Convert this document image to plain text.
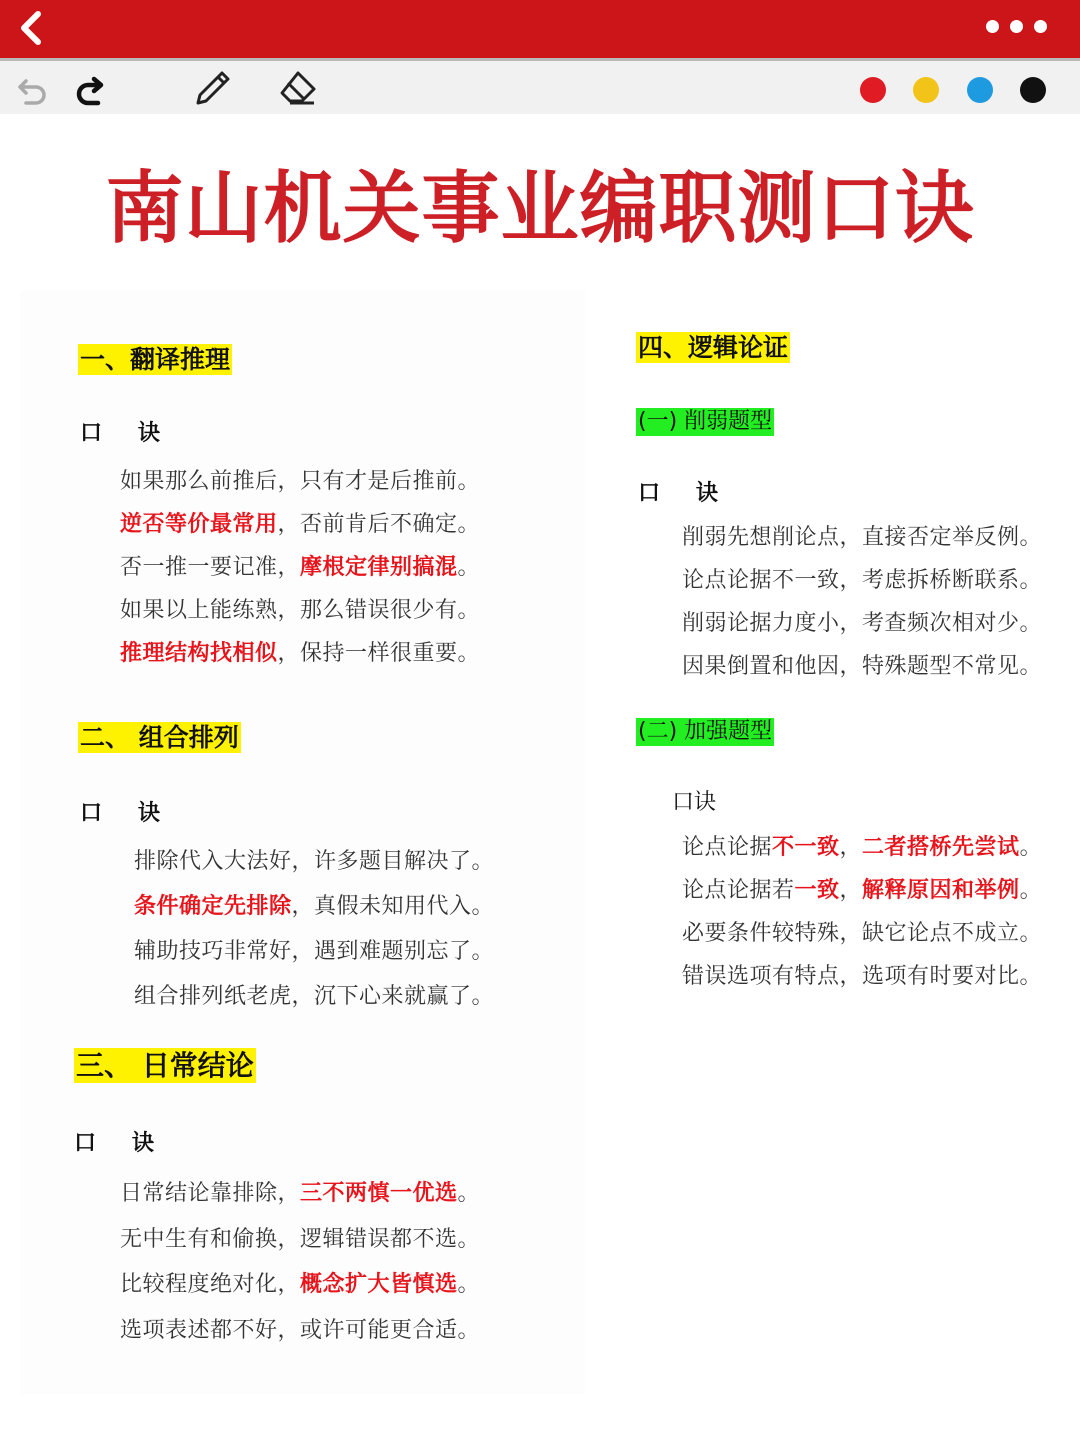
南山机关事业编职测口诀
一、翻译推理
口 诀
如果那么前推后，只有才是后推前。
逆否等价最常用，否前肯后不确定。
否一推一要记准，摩根定律别搞混。
如果以上能练熟，那么错误很少有。
推理结构找相似，保持一样很重要。
二、 组合排列
口 诀
排除代入大法好，许多题目解决了。
条件确定先排除，真假未知用代入。
辅助技巧非常好，遇到难题别忘了。
组合排列纸老虎，沉下心来就赢了。
三、 日常结论
口 诀
日常结论靠排除，三不两慎一优选。
无中生有和偷换，逻辑错误都不选。
比较程度绝对化，概念扩大皆慎选。
选项表述都不好，或许可能更合适。
四、逻辑论证
(一) 削弱题型
口 诀
削弱先想削论点，直接否定举反例。
论点论据不一致，考虑拆桥断联系。
削弱论据力度小，考查频次相对少。
因果倒置和他因，特殊题型不常见。
(二) 加强题型
口诀
论点论据不一致，二者搭桥先尝试。
论点论据若一致，解释原因和举例。
必要条件较特殊，缺它论点不成立。
错误选项有特点，选项有时要对比。
